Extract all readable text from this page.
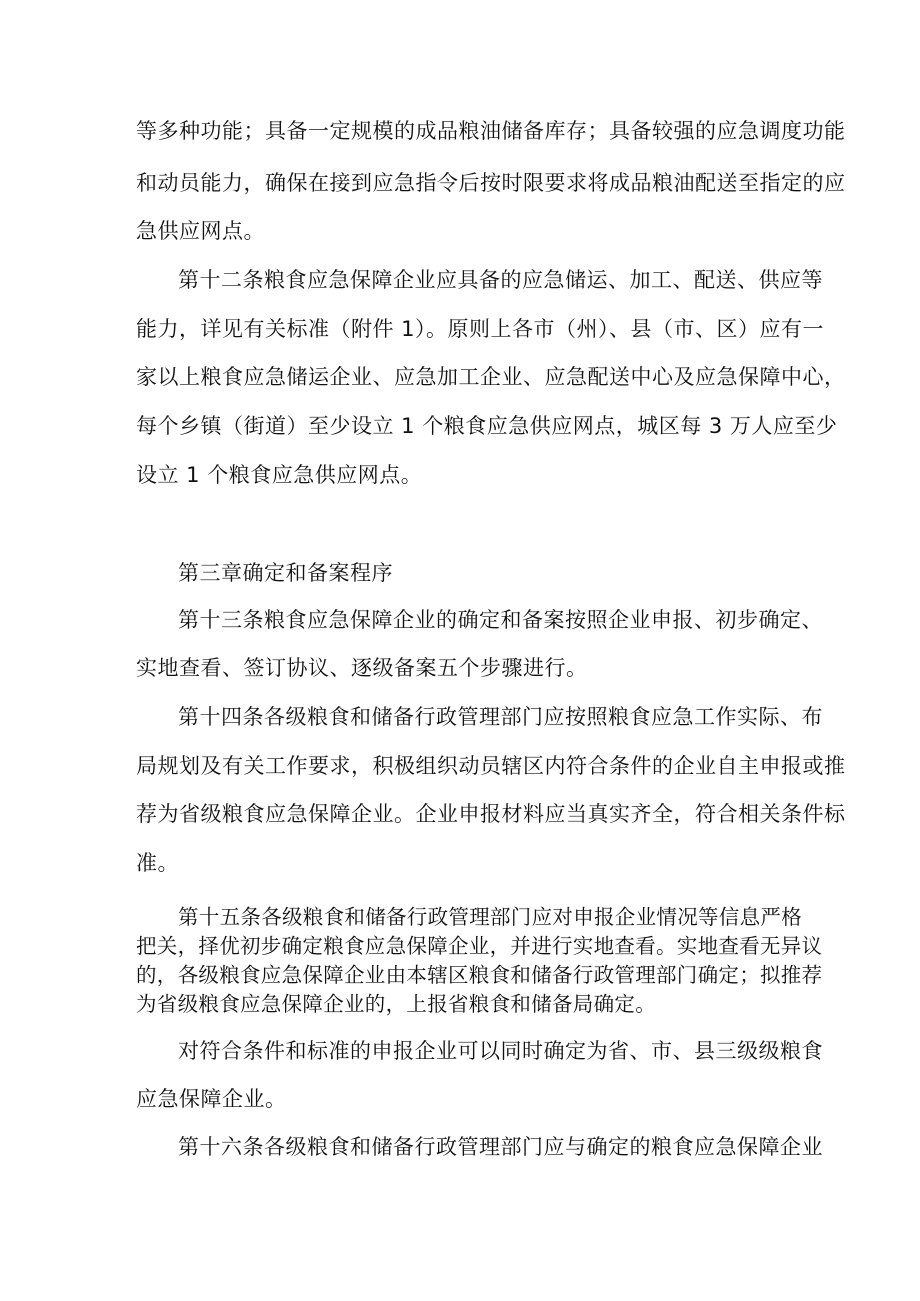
等多种功能；具备一定规模的成品粮油储备库存；具备较强的应急调度功能
和动员能力，确保在接到应急指令后按时限要求将成品粮油配送至指定的应
急供应网点。
第十二条粮食应急保障企业应具备的应急储运、加工、配送、供应等
能力，详见有关标准（附件 1）。原则上各市（州）、县（市、区）应有一
家以上粮食应急储运企业、应急加工企业、应急配送中心及应急保障中心，
每个乡镇（街道）至少设立 1 个粮食应急供应网点，城区每 3 万人应至少
设立 1 个粮食应急供应网点。
第三章确定和备案程序
第十三条粮食应急保障企业的确定和备案按照企业申报、初步确定、
实地查看、签订协议、逐级备案五个步骤进行。
第十四条各级粮食和储备行政管理部门应按照粮食应急工作实际、布
局规划及有关工作要求，积极组织动员辖区内符合条件的企业自主申报或推
荐为省级粮食应急保障企业。企业申报材料应当真实齐全，符合相关条件标
准。
第十五条各级粮食和储备行政管理部门应对申报企业情况等信息严格
把关，择优初步确定粮食应急保障企业，并进行实地查看。实地查看无异议
的，各级粮食应急保障企业由本辖区粮食和储备行政管理部门确定；拟推荐
为省级粮食应急保障企业的，上报省粮食和储备局确定。
对符合条件和标准的申报企业可以同时确定为省、市、县三级级粮食
应急保障企业。
第十六条各级粮食和储备行政管理部门应与确定的粮食应急保障企业
